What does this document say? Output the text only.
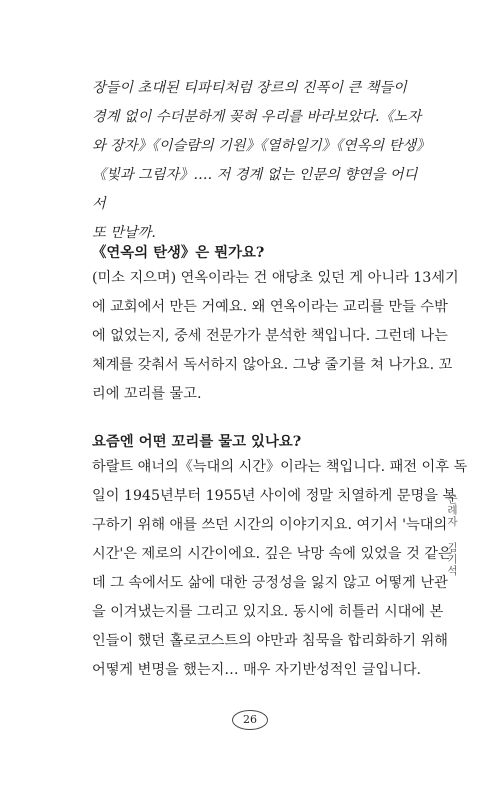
장들이 초대된 티파티처럼 장르의 진폭이 큰 책들이

경계 없이 수더분하게 꽂혀 우리를 바라보았다.《노자

와 장자》《이슬람의 기원》《열하일기》《연옥의 탄생》

《빛과 그림자》…. 저 경계 없는 인문의 향연을 어디서

또 만날까.

《연옥의 탄생》은 뭔가요?

(미소 지으며) 연옥이라는 건 애당초 있던 게 아니라 13세기

에 교회에서 만든 거예요. 왜 연옥이라는 교리를 만들 수밖

에 없었는지, 중세 전문가가 분석한 책입니다. 그런데 나는

체계를 갖춰서 독서하지 않아요. 그냥 줄기를 쳐 나가요. 꼬

리에 꼬리를 물고.

요즘엔 어떤 꼬리를 물고 있나요?

하랄트 얘너의《늑대의 시간》이라는 책입니다. 패전 이후 독

일이 1945년부터 1955년 사이에 정말 치열하게 문명을 복

구하기 위해 애를 쓰던 시간의 이야기지요. 여기서 '늑대의

시간'은 제로의 시간이에요. 깊은 낙망 속에 있었을 것 같은

데 그 속에서도 삶에 대한 긍정성을 잃지 않고 어떻게 난관

을 이겨냈는지를 그리고 있지요. 동시에 히틀러 시대에 본

인들이 했던 홀로코스트의 야만과 침묵을 합리화하기 위해

어떻게 변명을 했는지… 매우 자기반성적인 글입니다.

순례자 김기석
26
